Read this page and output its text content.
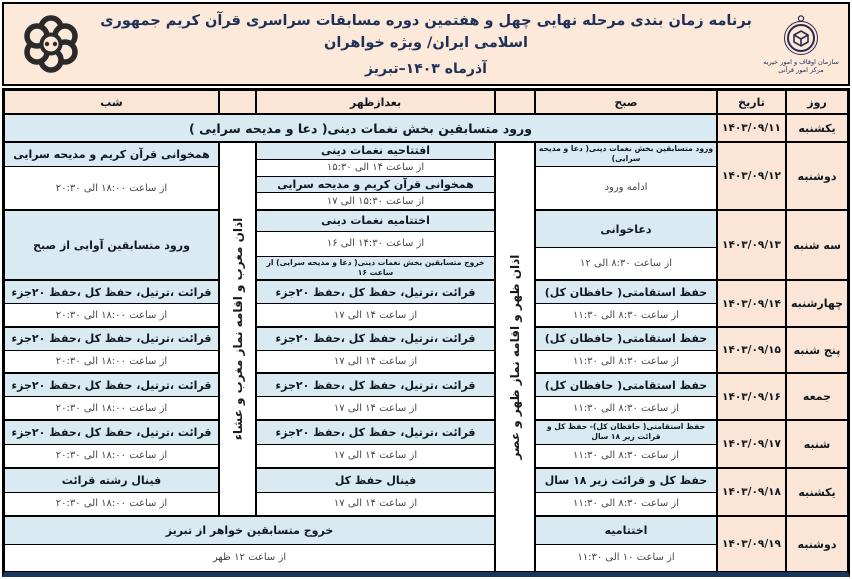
سازمان اوقاف و امور خیریه
مرکز امور قرآنی
برنامه زمان بندی مرحله نهایی چهل و هفتمین دوره مسابقات سراسری قرآن کریم جمهوری اسلامی ایران/ ویژه خواهران
آذرماه ۱۴۰۳–تبریز
روز
تاریخ
صبح
بعدازظهر
شب
یکشنبه
۱۴۰۳/۰۹/۱۱
ورود متسابقین بخش نغمات دینی( دعا و مدیحه سرایی )
اذان ظهر و اقامه نماز ظهر و عصر
اذان مغرب و اقامه نماز مغرب و عشاء
دوشنبه
۱۴۰۳/۰۹/۱۲
ورود متسابقین بخش نغمات دینی( دعا و مدیحه سرایی)
ادامه ورود
افتتاحیه نغمات دینی
از ساعت ۱۴ الی ۱۵:۳۰
همخوانی قرآن کریم و مدیحه سرایی
از ساعت ۱۵:۳۰ الی ۱۷
همخوانی قرآن کریم و مدیحه سرایی
از ساعت ۱۸:۰۰ الی ۲۰:۳۰
سه شنبه
۱۴۰۳/۰۹/۱۳
دعاخوانی
از ساعت ۸:۳۰ الی ۱۲
اختتامیه نغمات دینی
از ساعت ۱۴:۳۰ الی ۱۶
خروج متسابقین بخش نغمات دینی( دعا و مدیحه سرایی) از ساعت ۱۶
ورود متسابقین آوایی از صبح
چهارشنبه
۱۴۰۳/۰۹/۱۴
حفظ استقامتی( حافظان کل)
از ساعت ۸:۳۰ الی ۱۱:۳۰
قرائت ،ترتیل، حفظ کل ،حفظ ۲۰جزء
از ساعت ۱۴ الی ۱۷
قرائت ،ترتیل، حفظ کل ،حفظ ۲۰جزء
از ساعت ۱۸:۰۰ الی ۲۰:۳۰
پنج شنبه
۱۴۰۳/۰۹/۱۵
حفظ استقامتی( حافظان کل)
از ساعت ۸:۳۰ الی ۱۱:۳۰
قرائت ،ترتیل، حفظ کل ،حفظ ۲۰جزء
از ساعت ۱۴ الی ۱۷
قرائت ،ترتیل، حفظ کل ،حفظ ۲۰جزء
از ساعت ۱۸:۰۰ الی ۲۰:۳۰
جمعه
۱۴۰۳/۰۹/۱۶
حفظ استقامتی( حافظان کل)
از ساعت ۸:۳۰ الی ۱۱:۳۰
قرائت ،ترتیل، حفظ کل ،حفظ ۲۰جزء
از ساعت ۱۴ الی ۱۷
قرائت ،ترتیل، حفظ کل ،حفظ ۲۰جزء
از ساعت ۱۸:۰۰ الی ۲۰:۳۰
شنبه
۱۴۰۳/۰۹/۱۷
حفظ استقامتی( حافظان کل)- حفظ کل و قرائت زیر ۱۸ سال
از ساعت ۸:۳۰ الی ۱۱:۳۰
قرائت ،ترتیل، حفظ کل ،حفظ ۲۰جزء
از ساعت ۱۴ الی ۱۷
قرائت ،ترتیل، حفظ کل ،حفظ ۲۰جزء
از ساعت ۱۸:۰۰ الی ۲۰:۳۰
یکشنبه
۱۴۰۳/۰۹/۱۸
حفظ کل و قرائت زیر ۱۸ سال
از ساعت ۸:۳۰ الی ۱۱:۳۰
فینال حفظ کل
از ساعت ۱۴ الی ۱۷
فینال رشته قرائت
از ساعت ۱۸:۰۰ الی ۲۰:۳۰
دوشنبه
۱۴۰۳/۰۹/۱۹
اختتامیه
از ساعت ۱۰ الی ۱۱:۳۰
خروج متسابقین خواهر از تبریز
از ساعت ۱۲ ظهر
